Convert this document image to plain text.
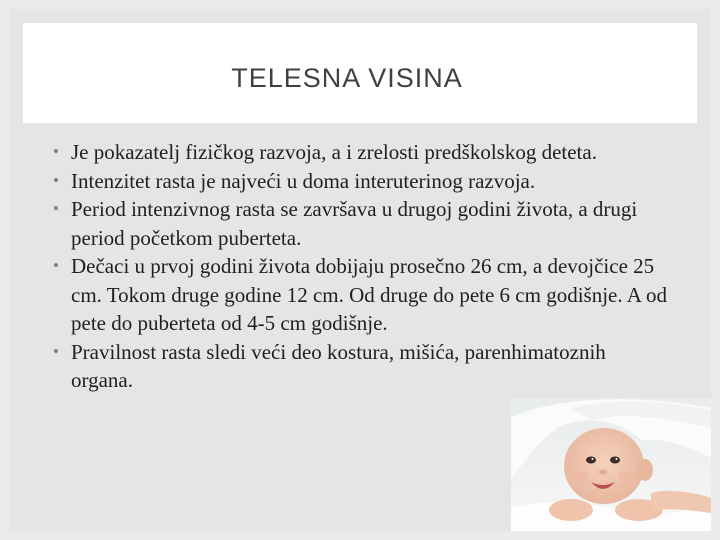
TELESNA VISINA
• Je pokazatelj fizičkog razvoja, a i zrelosti predškolskog deteta.
• Intenzitet rasta je najveći u doma interuterinog razvoja.
• Period intenzivnog rasta se završava u drugoj godini života, a drugi period početkom puberteta.
• Dečaci u prvoj godini života dobijaju prosečno 26 cm, a devojčice 25 cm. Tokom druge godine 12 cm. Od druge do pete 6 cm godišnje. A od pete do puberteta od 4-5 cm godišnje.
• Pravilnost rasta sledi veći deo kostura, mišića, parenhimatoznih organa.
